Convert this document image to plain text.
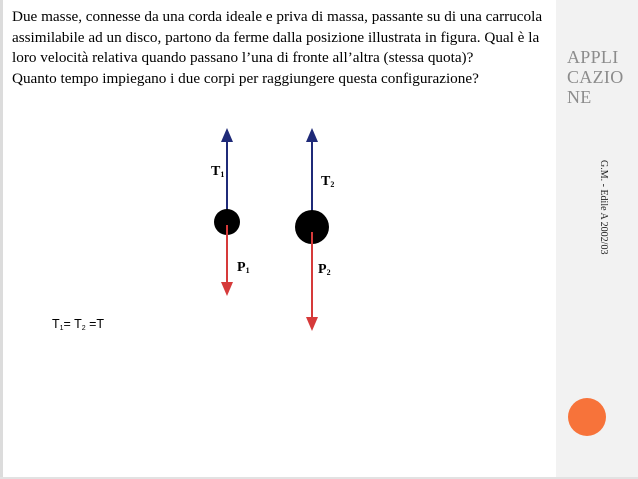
APPLI
CAZIO
NE
G.M. - Edile A 2002/03

Due masse, connesse da una corda ideale e priva di massa, passante su di una carrucola assimilabile ad un disco, partono da ferme dalla posizione illustrata in figura. Qual è la loro velocità relativa quando passano l’una di fronte all’altra (stessa quota)?

Quanto tempo impiegano i due corpi per raggiungere questa configurazione?

$T_1$	$T_2$
$P_1$	$P_2$
$T_1= T_2 =T$
